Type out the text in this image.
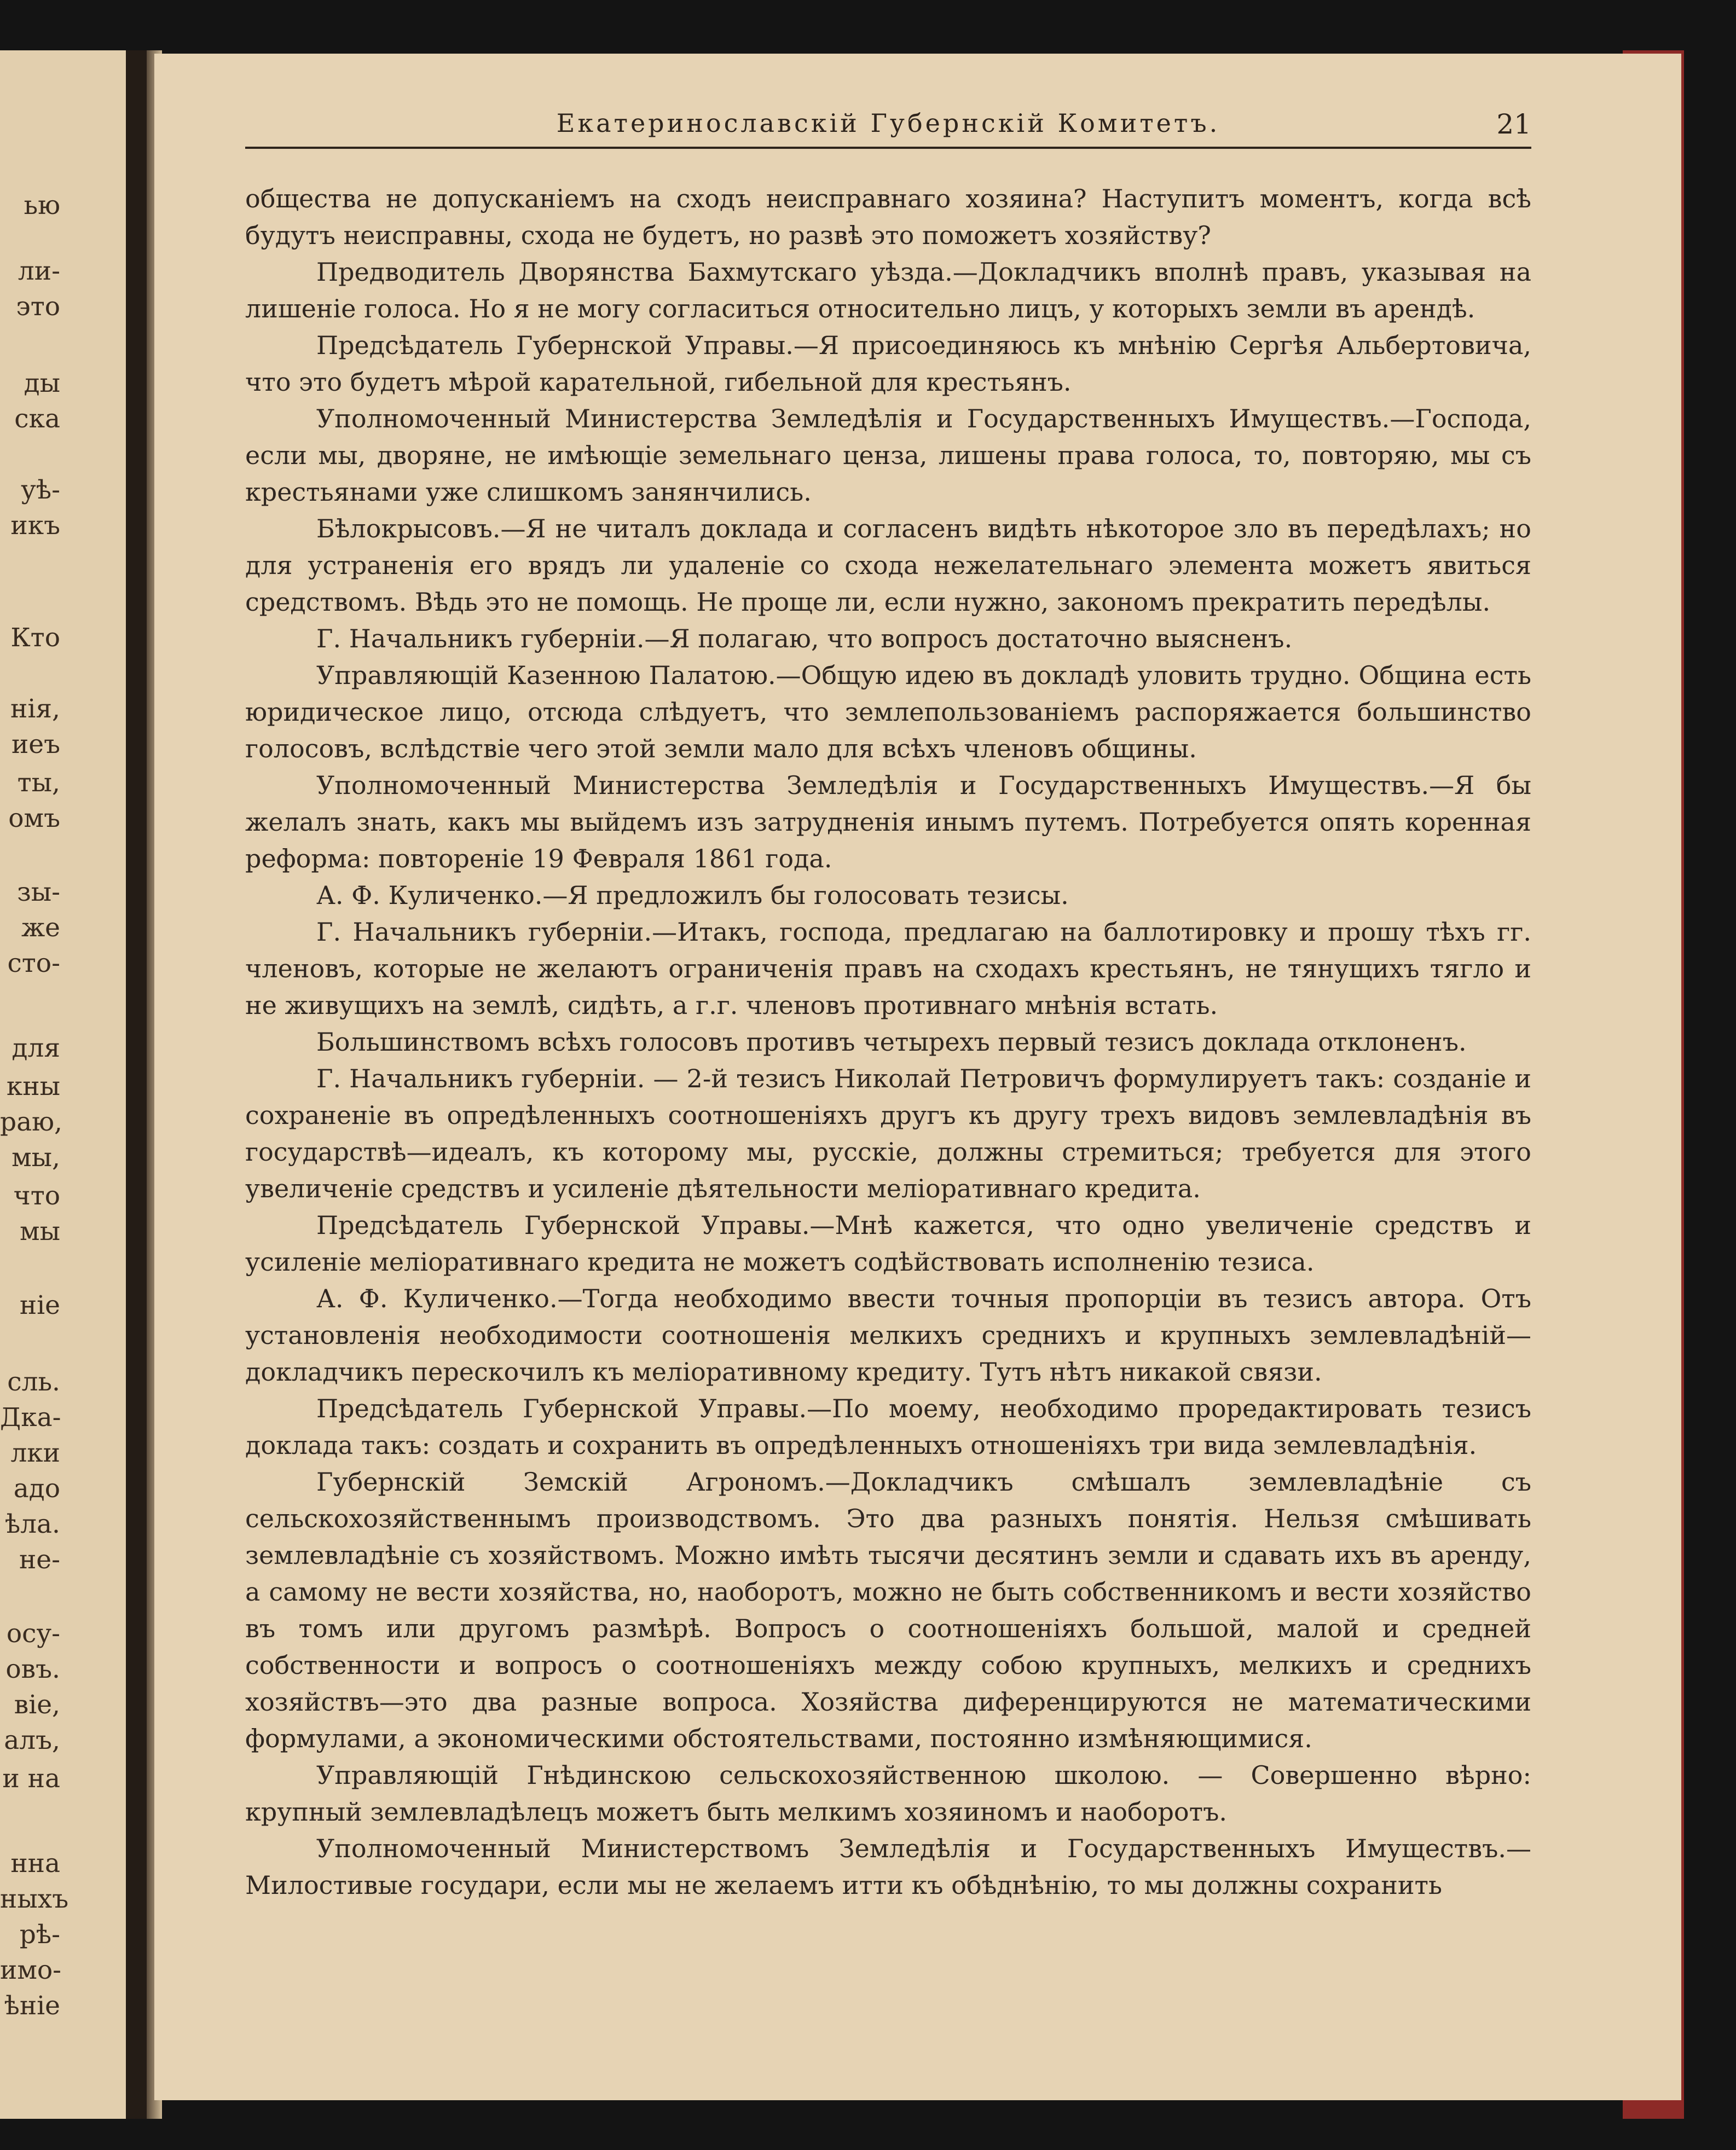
ью
ли-
это
ды
ска
уѣ-
икъ
Кто
нія,
иеъ
ты,
омъ
зы-
же
сто-
для
кны
раю,
мы,
что
мы
ніе
сль.
Дка-
лки
адо
ѣла.
не-
осу-
овъ.
віе,
алъ,
и на
нна
ныхъ
рѣ-
имо-
ѣніе
Екатеринославскій Губернскій Комитетъ.	21

общества не допусканіемъ на сходъ неисправнаго хозяина? Наступитъ моментъ, когда всѣ будутъ неисправны, схода не будетъ, но развѣ это поможетъ хозяйству?

Предводитель Дворянства Бахмутскаго уѣзда.—Докладчикъ вполнѣ правъ, указывая на лишеніе голоса. Но я не могу согласиться относительно лицъ, у которыхъ земли въ арендѣ.

Предсѣдатель Губернской Управы.—Я присоединяюсь къ мнѣнію Сергѣя Альбертовича, что это будетъ мѣрой карательной, гибельной для крестьянъ.

Уполномоченный Министерства Земледѣлія и Государственныхъ Имуществъ.—Господа, если мы, дворяне, не имѣющіе земельнаго ценза, лишены права голоса, то, повторяю, мы съ крестьянами уже слишкомъ занянчились.

Бѣлокрысовъ.—Я не читалъ доклада и согласенъ видѣть нѣкоторое зло въ передѣлахъ; но для устраненія его врядъ ли удаленіе со схода нежелательнаго элемента можетъ явиться средствомъ. Вѣдь это не помощь. Не проще ли, если нужно, закономъ прекратить передѣлы.

Г. Начальникъ губерніи.—Я полагаю, что вопросъ достаточно выясненъ.

Управляющій Казенною Палатою.—Общую идею въ докладѣ уловить трудно. Община есть юридическое лицо, отсюда слѣдуетъ, что землепользованіемъ распоряжается большинство голосовъ, вслѣдствіе чего этой земли мало для всѣхъ членовъ общины.

Уполномоченный Министерства Земледѣлія и Государственныхъ Имуществъ.—Я бы желалъ знать, какъ мы выйдемъ изъ затрудненія инымъ путемъ. Потребуется опять коренная реформа: повтореніе 19 Февраля 1861 года.

А. Ф. Куличенко.—Я предложилъ бы голосовать тезисы.

Г. Начальникъ губерніи.—Итакъ, господа, предлагаю на баллотировку и прошу тѣхъ гг. членовъ, которые не желаютъ ограниченія правъ на сходахъ крестьянъ, не тянущихъ тягло и не живущихъ на землѣ, сидѣть, а г.г. членовъ противнаго мнѣнія встать.

Большинствомъ всѣхъ голосовъ противъ четырехъ первый тезисъ доклада отклоненъ.

Г. Начальникъ губерніи. — 2-й тезисъ Николай Петровичъ формулируетъ такъ: созданіе и сохраненіе въ опредѣленныхъ соотношеніяхъ другъ къ другу трехъ видовъ землевладѣнія въ государствѣ—идеалъ, къ которому мы, русскіе, должны стремиться; требуется для этого увеличеніе средствъ и усиленіе дѣятельности меліоративнаго кредита.

Предсѣдатель Губернской Управы.—Мнѣ кажется, что одно увеличеніе средствъ и усиленіе меліоративнаго кредита не можетъ содѣйствовать исполненію тезиса.

А. Ф. Куличенко.—Тогда необходимо ввести точныя пропорціи въ тезисъ автора. Отъ установленія необходимости соотношенія мелкихъ среднихъ и крупныхъ землевладѣній—докладчикъ перескочилъ къ меліоративному кредиту. Тутъ нѣтъ никакой связи.

Предсѣдатель Губернской Управы.—По моему, необходимо проредактировать тезисъ доклада такъ: создать и сохранить въ опредѣленныхъ отношеніяхъ три вида землевладѣнія.

Губернскій Земскій Агрономъ.—Докладчикъ смѣшалъ землевладѣніе съ сельскохозяйственнымъ производствомъ. Это два разныхъ понятія. Нельзя смѣшивать землевладѣніе съ хозяйствомъ. Можно имѣть тысячи десятинъ земли и сдавать ихъ въ аренду, а самому не вести хозяйства, но, наоборотъ, можно не быть собственникомъ и вести хозяйство въ томъ или другомъ размѣрѣ. Вопросъ о соотношеніяхъ большой, малой и средней собственности и вопросъ о соотношеніяхъ между собою крупныхъ, мелкихъ и среднихъ хозяйствъ—это два разные вопроса. Хозяйства диференцируются не математическими формулами, а экономическими обстоятельствами, постоянно измѣняющимися.

Управляющій Гнѣдинскою сельскохозяйственною школою. — Совершенно вѣрно: крупный землевладѣлецъ можетъ быть мелкимъ хозяиномъ и наоборотъ.

Уполномоченный Министерствомъ Земледѣлія и Государственныхъ Имуществъ.—Милостивые государи, если мы не желаемъ итти къ обѣднѣнію, то мы должны сохранить
